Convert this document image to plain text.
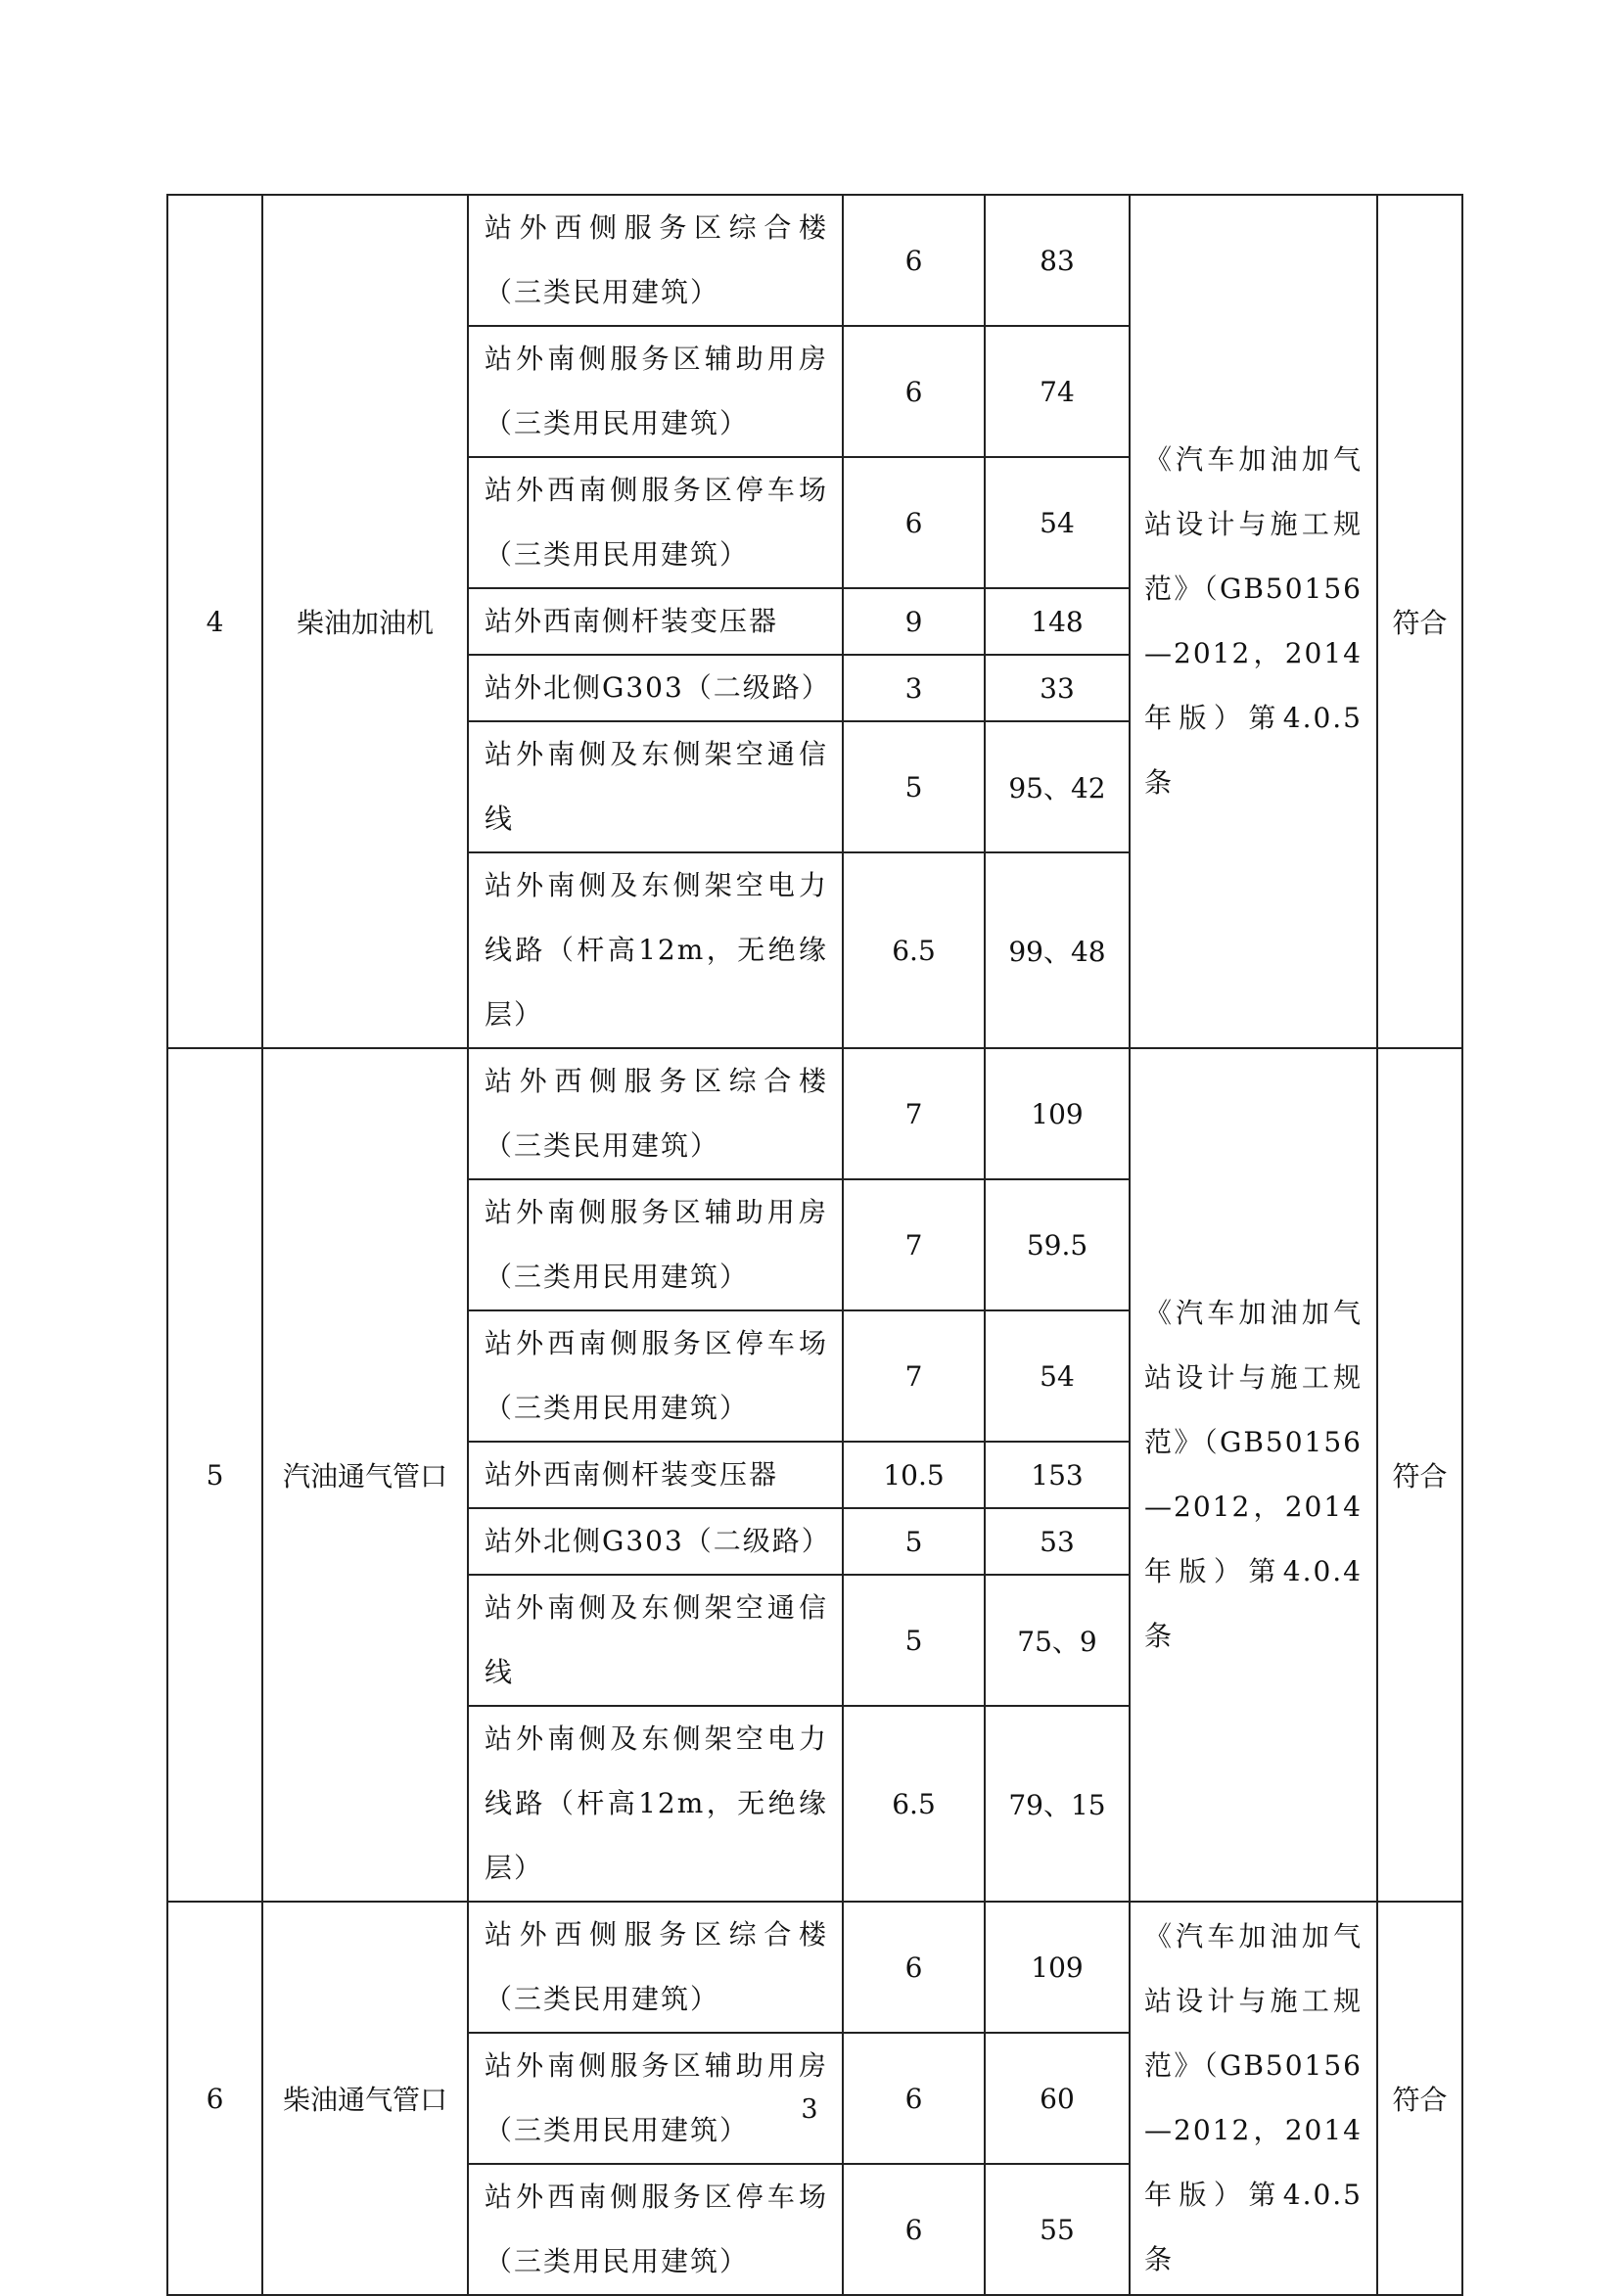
4	柴油加油机	站外西侧服务区综合楼（三类民用建筑）	6	83	《汽车加油加气站设计与施工规范》（GB50156—2012，2014年版）第4.0.5条	符合
		站外南侧服务区辅助用房（三类用民用建筑）	6	74		
		站外西南侧服务区停车场（三类用民用建筑）	6	54		
		站外西南侧杆装变压器	9	148		
		站外北侧G303（二级路）	3	33		
		站外南侧及东侧架空通信线	5	95、42		
		站外南侧及东侧架空电力线路（杆高12m，无绝缘层）	6.5	99、48		
5	汽油通气管口	站外西侧服务区综合楼（三类民用建筑）	7	109	《汽车加油加气站设计与施工规范》（GB50156—2012，2014年版）第4.0.4条	符合
		站外南侧服务区辅助用房（三类用民用建筑）	7	59.5		
		站外西南侧服务区停车场（三类用民用建筑）	7	54		
		站外西南侧杆装变压器	10.5	153		
		站外北侧G303（二级路）	5	53		
		站外南侧及东侧架空通信线	5	75、9		
		站外南侧及东侧架空电力线路（杆高12m，无绝缘层）	6.5	79、15		
6	柴油通气管口	站外西侧服务区综合楼（三类民用建筑）	6	109	《汽车加油加气站设计与施工规范》（GB50156—2012，2014年版）第4.0.5条	符合
		站外南侧服务区辅助用房（三类用民用建筑）	6	60		
		站外西南侧服务区停车场（三类用民用建筑）	6	55		
3
